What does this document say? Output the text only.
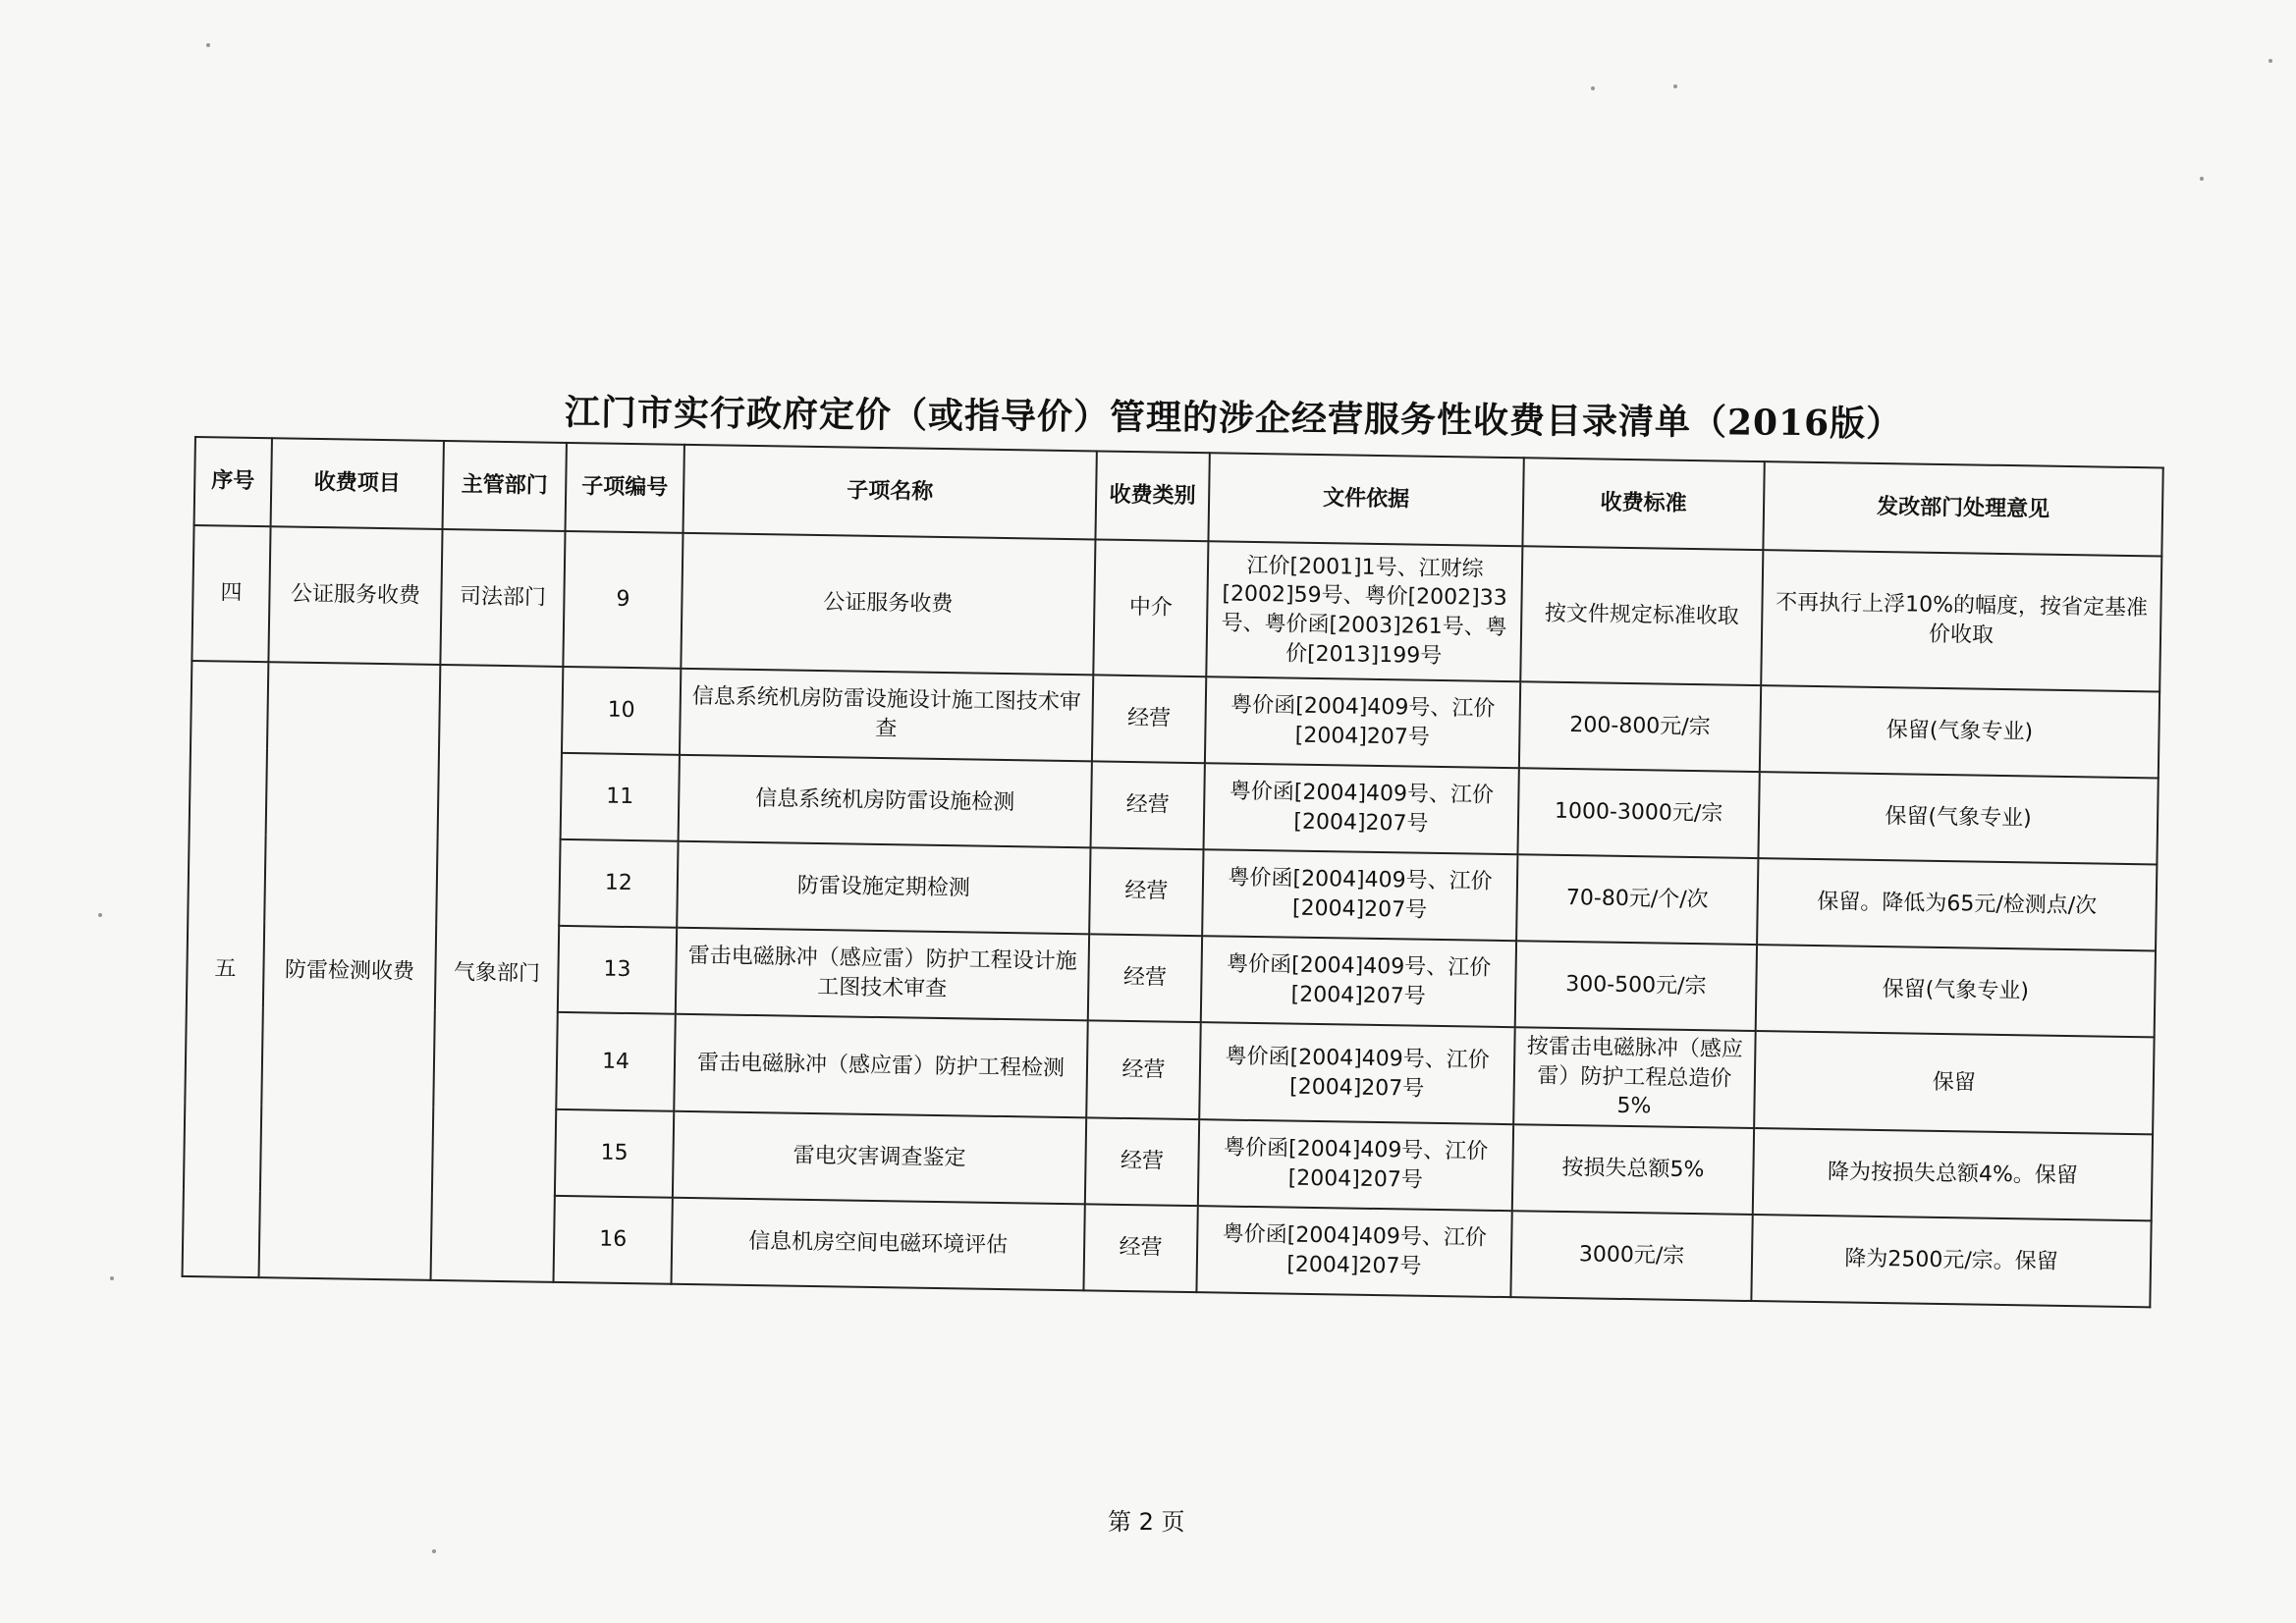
江门市实行政府定价（或指导价）管理的涉企经营服务性收费目录清单（2016版）
序号	收费项目	主管部门	子项编号	子项名称	收费类别	文件依据	收费标准	发改部门处理意见
四	公证服务收费	司法部门	9	公证服务收费	中介	江价[2001]1号、江财综[2002]59号、粤价[2002]33号、粤价函[2003]261号、粤价[2013]199号	按文件规定标准收取	不再执行上浮10%的幅度，按省定基准价收取
五	防雷检测收费	气象部门	10	信息系统机房防雷设施设计施工图技术审查	经营	粤价函[2004]409号、江价[2004]207号	200-800元/宗	保留(气象专业)
			11	信息系统机房防雷设施检测	经营	粤价函[2004]409号、江价[2004]207号	1000-3000元/宗	保留(气象专业)
			12	防雷设施定期检测	经营	粤价函[2004]409号、江价[2004]207号	70-80元/个/次	保留。降低为65元/检测点/次
			13	雷击电磁脉冲（感应雷）防护工程设计施工图技术审查	经营	粤价函[2004]409号、江价[2004]207号	300-500元/宗	保留(气象专业)
			14	雷击电磁脉冲（感应雷）防护工程检测	经营	粤价函[2004]409号、江价[2004]207号	按雷击电磁脉冲（感应雷）防护工程总造价5%	保留
			15	雷电灾害调查鉴定	经营	粤价函[2004]409号、江价[2004]207号	按损失总额5%	降为按损失总额4%。保留
			16	信息机房空间电磁环境评估	经营	粤价函[2004]409号、江价[2004]207号	3000元/宗	降为2500元/宗。保留
第 2 页
